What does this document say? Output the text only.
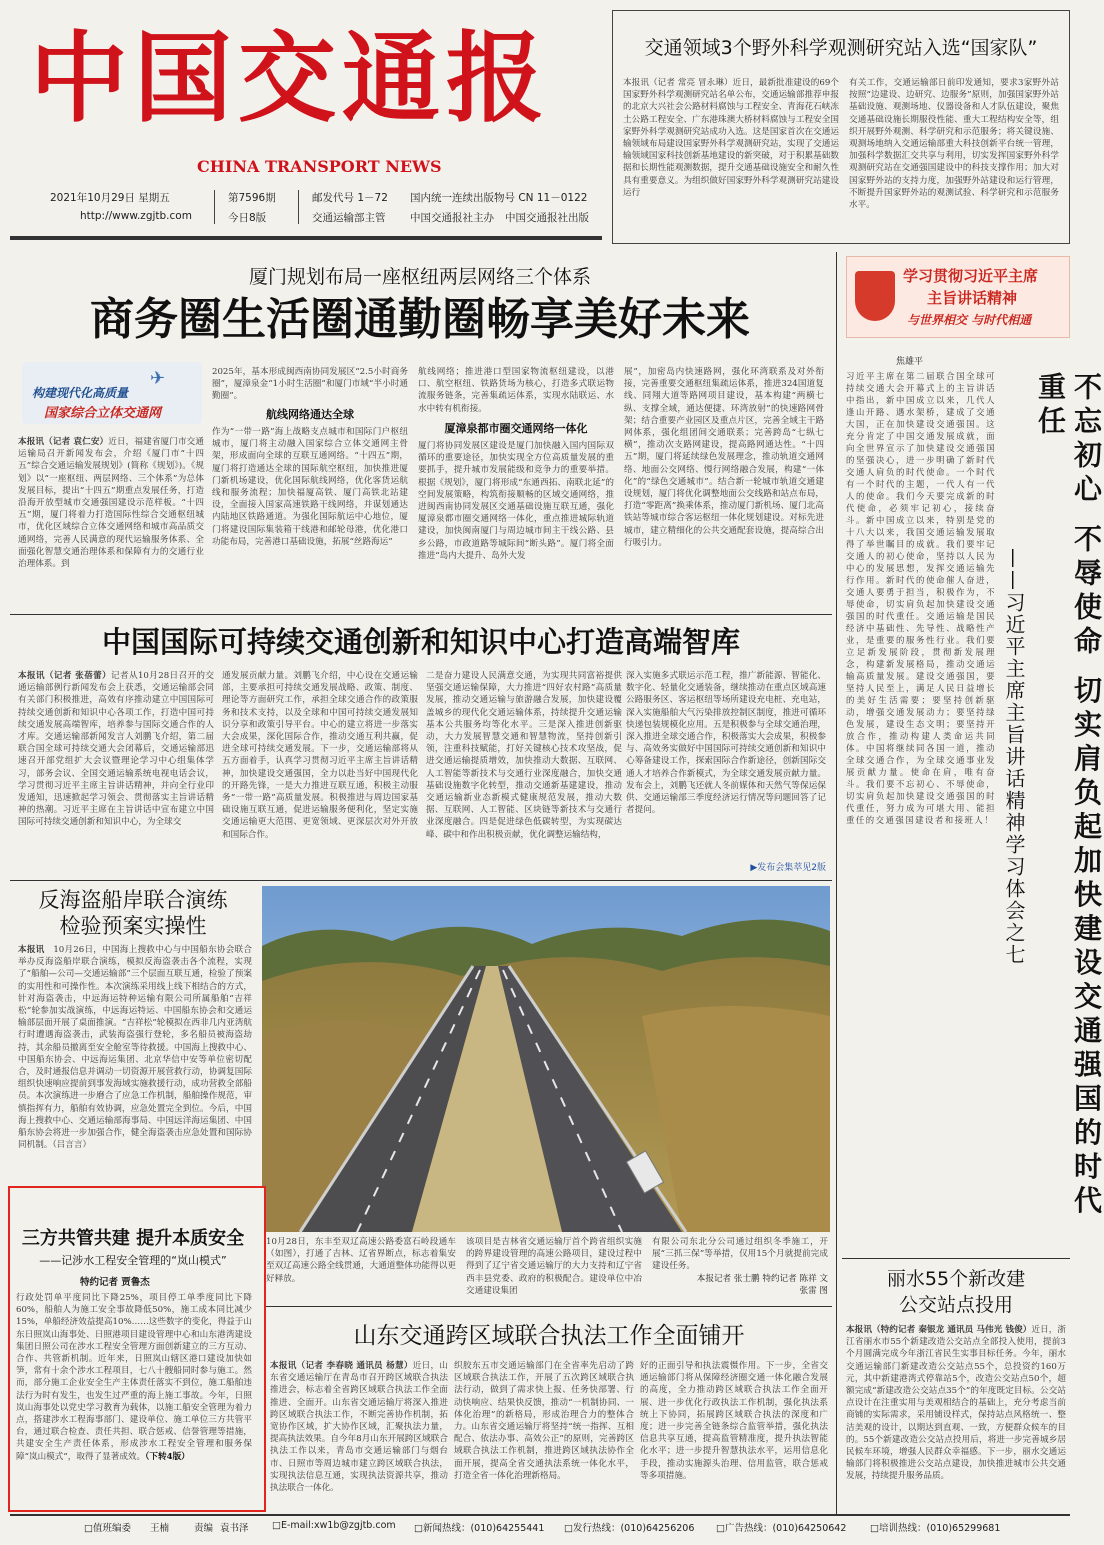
中国交通报
CHINA TRANSPORT NEWS
2021年10月29日 星期五
http://www.zgjtb.com
第7596期
今日8版
邮发代号 1－72 国内统一连续出版物号 CN 11－0122
交通运输部主管 中国交通报社主办 中国交通报社出版
交通领域3个野外科学观测研究站入选“国家队”
本报讯（记者 常亮 冒永琳）近日，最新批准建设的69个国家野外科学观测研究站名单公布，交通运输部推荐申报的北京大兴社会公路材料腐蚀与工程安全、青海花石峡冻土公路工程安全、广东港珠澳大桥材料腐蚀与工程安全国家野外科学观测研究站成功入选。这是国家首次在交通运输领域布局建设国家野外科学观测研究站，实现了交通运输领域国家科技创新基地建设的新突破，对于积累基础数据和长期性能观测数据，提升交通基础设施安全和耐久性具有重要意义。为组织做好国家野外科学观测研究站建设运行
有关工作，交通运输部日前印发通知，要求3家野外站按照“边建设、边研究、边服务”原则，加强国家野外站基础设施、观测场地、仪器设备和人才队伍建设，聚焦交通基础设施长期服役性能、重大工程结构安全等，组织开展野外观测、科学研究和示范服务；将关键设施、观测场地纳入交通运输部重大科技创新平台统一管理，加强科学数据汇交共享与利用，切实发挥国家野外科学观测研究站在交通强国建设中的科技支撑作用；加大对国家野外站的支持力度，加强野外站建设和运行管理，不断提升国家野外站的观测试验、科学研究和示范服务水平。
厦门规划布局一座枢纽两层网络三个体系
商务圈生活圈通勤圈畅享美好未来
✈
构建现代化高质量
国家综合立体交通网
本报讯（记者 袁仁安）近日，福建省厦门市交通运输局召开新闻发布会，介绍《厦门市“十四五”综合交通运输发展规划》(简称《规划》)。《规划》以“一座枢纽、两层网络、三个体系”为总体发展目标，提出“十四五”期重点发展任务，打造沿海开放型城市交通强国建设示范样板。“十四五”期，厦门将着力打造国际性综合交通枢纽城市，优化区域综合立体交通网络和城市高品质交通网络，完善人民满意的现代运输服务体系、全面强化智慧交通治理体系和保障有力的交通行业治理体系。到
2025年，基本形成闽西南协同发展区“2.5小时商务圈”，厦漳泉金“1小时生活圈”和厦门市域“半小时通勤圈”。
航线网络通达全球
作为“一带一路”海上战略支点城市和国际门户枢纽城市，厦门将主动融入国家综合立体交通网主骨架，形成面向全球的互联互通网络。“十四五”期，厦门将打造通达全球的国际航空枢纽，加快推进厦门新机场建设，优化国际航线网络，优化客货运航线和服务流程；加快福厦高铁、厦门高铁北站建设，全面接入国家高速铁路干线网络，并谋划通达内陆地区铁路通道。为强化国际航运中心地位，厦门将建设国际集装箱干线港和邮轮母港，优化港口功能布局，完善港口基础设施，拓展“丝路海运”
航线网络；推进港口型国家物流枢纽建设，以港口、航空枢纽、铁路货场为核心，打造多式联运物流服务链条，完善集疏运体系，实现水陆联运、水水中转有机衔接。
厦漳泉都市圈交通网络一体化
厦门将协同发展区建设是厦门加快融入国内国际双循环的重要途径，加快实现全方位高质量发展的重要抓手，提升城市发展能级和竞争力的重要举措。根据《规划》，厦门将形成“东通西拓、南联北延”的空间发展策略，构筑衔接顺畅的区域交通网络，推进闽西南协同发展区交通基础设施互联互通，强化厦漳泉都市圈交通网络一体化，重点推进城际轨道建设，加快闽南厦门与周边城市间主干线公路、县乡公路，市政道路等城际间“断头路”。厦门将全面推进“岛内大提升、岛外大发
展”，加密岛内快速路网，强化环湾联系及对外衔接，完善重要交通枢纽集疏运体系，推进324国道复线、同翔大道等路网项目建设，基本构建“两横七纵、支撑全域，通达便捷、环湾放射”的快速路网骨架；结合重要产业园区及重点片区，完善全域主干路网体系，强化组团间交通联系；完善跨岛“七纵七横”，推动次支路网建设，提高路网通达性。“十四五”期，厦门将延续绿色发展理念，推动轨道交通网络、地面公交网络、慢行网络融合发展，构建“一体化”的“绿色交通城市”。结合新一轮城市轨道交通建设规划，厦门将优化调整地面公交线路和站点布局，打造“零距离”换乘体系，推动厦门新机场、厦门北高铁站等城市综合客运枢纽一体化规划建设。对标先进城市，建立精细化的公共交通配套设施，提高综合出行吸引力。
中国国际可持续交通创新和知识中心打造高端智库
本报讯（记者 张蓓蕾）记者从10月28日召开的交通运输部例行新闻发布会上获悉，交通运输部会同有关部门积极推进，高效有序推动建立中国国际可持续交通创新和知识中心各项工作，打造中国可持续交通发展高端智库，培养参与国际交通合作的人才库。交通运输部新闻发言人刘鹏飞介绍，第二届联合国全球可持续交通大会闭幕后，交通运输部迅速召开部党组扩大会议暨理论学习中心组集体学习，部务会议、全国交通运输系统电视电话会议，学习贯彻习近平主席主旨讲话精神，并向全行业印发通知，迅速掀起学习领会、贯彻落实主旨讲话精神的热潮。习近平主席在主旨讲话中宣布建立中国国际可持续交通创新和知识中心，为全球交
通发展贡献力量。刘鹏飞介绍，中心设在交通运输部，主要承担可持续交通发展战略、政策、制度、理论等方面研究工作，承担全球交通合作的政策服务和技术支持，以及全球和中国可持续交通发展知识分享和政策引导平台。中心的建立将进一步落实大会成果，深化国际合作，推动交通互利共赢，促进全球可持续交通发展。下一步，交通运输部将从五方面着手，认真学习贯彻习近平主席主旨讲话精神，加快建设交通强国，全力以赴当好中国现代化的开路先锋，一是大力推进互联互通，积极主动服务“一带一路”高质量发展。积极推进与周边国家基础设施互联互通，促进运输服务便利化，坚定实施交通运输更大范围、更宽领域、更深层次对外开放和国际合作。
二是奋力建设人民满意交通，为实现共同富裕提供坚强交通运输保障，大力推进“四好农村路”高质量发展，推动交通运输与旅游融合发展，加快建设覆盖城乡的现代化交通运输体系，持续提升交通运输基本公共服务均等化水平。三是深入推进创新驱动，大力发展智慧交通和智慧物流，坚持创新引领，注重科技赋能，打好关键核心技术攻坚战，促进交通运输提质增效，加快推动大数据、互联网、人工智能等新技术与交通行业深度融合，加快交通基础设施数字化转型，推动交通新基建建设，推动交通运输新业态新模式健康规范发展，推动大数据、互联网、人工智能、区块链等新技术与交通行业深度融合。四是促进绿色低碳转型，为实现碳达峰、碳中和作出积极贡献，优化调整运输结构，
深入实施多式联运示范工程，推广新能源、智能化、数字化、轻量化交通装备，继续推动在重点区域高速公路服务区、客运枢纽等场所建设充电桩、充电站，深入实施船舶大气污染排放控制区制度，推进可循环快递包装规模化应用。五是积极参与全球交通治理，深入推进全球交通合作，积极落实大会成果，积极参与、高效务实做好中国国际可持续交通创新和知识中心筹备建设工作，探索国际合作新途径，创新国际交通人才培养合作新模式，为全球交通发展贡献力量。发布会上，刘鹏飞还就人冬前媒体和天然气等保运保供、交通运输部三季度经济运行情况等问题回答了记者提问。
▶发布会集萃见2版
反海盗船岸联合演练
检验预案实操性
本报讯　 10月26日，中国海上搜救中心与中国船东协会联合举办反海盗船岸联合演练，模拟反海盗袭击各个流程，实现了“船舶—公司—交通运输部”三个层面互联互通，检验了预案的实用性和可操作性。本次演练采用线上线下相结合的方式，针对海盗袭击，中远海运特种运输有限公司所属船舶“吉祥松”轮参加实战演练，中远海运特运、中国船东协会和交通运输部层面开展了桌面推演。“吉祥松”轮模拟在西非几内亚湾航行时遭遇海盗袭击，武装海盗强行登轮，多名船员被海盗劫持，其余船员撤离至安全舱室等待救援。中国海上搜救中心、中国船东协会、中远海运集团、北京华信中安等单位密切配合，及时通报信息并调动一切资源开展营救行动，协调复国际组织快速响应提前到事发海域实施救援行动，成功营救全部船员。本次演练进一步磨合了应急工作机制，船舶操作规范，审慎指挥有力，船舶有效协调，应急处置完全到位。今后，中国海上搜救中心、交通运输部海事局、中国远洋海运集团、中国船东协会将进一步加强合作，健全海盗袭击应急处置和国际协同机制。（吕言言）
10月28日，东丰至双辽高速公路委富石岭段通车（如图），打通了吉林、辽省界断点，标志着集安至双辽高速公路全线贯通，大通道整体功能得以更好释放。
该项目是吉林省交通运输厅首个跨省组织实施的跨界建设管理的高速公路项目，建设过程中得到了辽宁省交通运输厅的大力支持和辽宁省西丰县党委、政府的积极配合。建设单位中冶交通建设集团
有限公司东北分公司通过组织冬季施工，开展“三抓三保”等举措，仅用15个月就提前完成建设任务。
本报记者 张士鹏 特约记者 陈祥 文
张雷 图
三方共管共建 提升本质安全
——记涉水工程安全管理的“岚山模式”
特约记者 贾鲁杰
行政处罚单平度同比下降25%，项目停工单季度同比下降60%，船舶人为施工安全事故降低50%，施工成本同比减少15%，单船经济效益提高10%……这些数字的变化，得益于山东日照岚山海事处、日照港项目建设管理中心和山东港湾建设集团日照公司在涉水工程安全管理方面创新建立的三方互动、合作、共管新机制。近年来，日照岚山辖区港口建设加快如笋，常有十余个涉水工程项目，七八十艘船同时参与施工。然而，部分施工企业安全生产主体责任落实不到位，施工船舶违法行为时有发生，也发生过严重的海上施工事故。今年，日照岚山海事处以党史学习教育为载体，以施工船安全管理为着力点，搭建涉水工程海事部门、建设单位、施工单位三方共管平台，通过联合检查、责任共担、联合惩戒、信誉管理等措施，共建安全生产责任体系，形成涉水工程安全管理和服务保障“岚山模式”，取得了显著成效。（下转4版）
山东交通跨区域联合执法工作全面铺开
本报讯（记者 李春晓 通讯员 杨慧）近日，山东省交通运输厅在青岛市召开跨区域联合执法推进会，标志着全省跨区域联合执法工作全面推进、全面开。山东省交通运输厅将深入推进跨区域联合执法工作，不断完善协作机制，拓宽协作区域，扩大协作区域，汇聚执法力量，提高执法效果。自今年8月山东开展跨区域联合执法工作以来，青岛市交通运输部门与烟台市、日照市等周边城市建立跨区域联合执法，实现执法信息互通，实现执法资源共享，推动执法联合一体化。
织胶东五市交通运输部门在全省率先启动了跨区域联合执法工作，开展了五次跨区域联合执法行动，做到了需求快上报、任务快部署、行动快响应、结果快反馈，推动“一机制协同、一体化治理”的新格局，形成治理合力的整体合力。山东省交通运输厅将坚持“统一指挥、互相配合、依法办事、高效公正”的原则，完善跨区域联合执法工作机制，推进跨区域执法协作全面开展，提高全省交通执法系统一体化水平，打造全省一体化治理新格局。
好的正面引导和执法震慑作用。下一步，全省交通运输部门将从保障经济圈交通一体化融合发展的高度，全力推动跨区域联合执法工作全面开展、进一步优化行政执法工作机制，强化执法系统上下协同，拓展跨区域联合执法的深度和广度；进一步完善全链条综合监管举措，强化执法信息共享互通，提高监管精准度，提升执法智能化水平；进一步提升智慧执法水平，运用信息化手段，推动实施源头治理、信用监管，联合惩戒等多项措施。
学习贯彻习近平主席
主旨讲话精神
与世界相交 与时代相通
焦雄平
习近平主席在第二届联合国全球可持续交通大会开幕式上的主旨讲话中指出，新中国成立以来，几代人逢山开路、遇水架桥，建成了交通大国，正在加快建设交通强国。这充分肯定了中国交通发展成就，面向全世界宣示了加快建设交通强国的坚强决心，进一步明确了新时代交通人肩负的时代使命。一个时代有一个时代的主题，一代人有一代人的使命。我们今天要完成新的时代使命，必须牢记初心，接续奋斗。新中国成立以来，特别是党的十八大以来，我国交通运输发展取得了举世瞩目的成就。我们要牢记交通人的初心使命，坚持以人民为中心的发展思想，发挥交通运输先行作用。新时代的使命催人奋进，交通人要勇于担当，积极作为，不辱使命，切实肩负起加快建设交通强国的时代重任。交通运输是国民经济中基础性、先导性、战略性产业，是重要的服务性行业。我们要立足新发展阶段，贯彻新发展理念，构建新发展格局，推动交通运输高质量发展。建设交通强国，要坚持人民至上，满足人民日益增长的美好生活需要；要坚持创新驱动，增强交通发展动力；要坚持绿色发展，建设生态文明；要坚持开放合作，推动构建人类命运共同体。中国将继续同各国一道，推动全球交通合作，为全球交通事业发展贡献力量。使命在肩，唯有奋斗。我们要不忘初心、不辱使命，切实肩负起加快建设交通强国的时代重任，努力成为可堪大用、能担重任的交通强国建设者和接班人！	不忘初心 不辱使命 切实肩负起加快建设交通强国的时代重任
——习近平主席主旨讲话精神学习体会之七
丽水55个新改建
公交站点投用
本报讯（特约记者 秦银龙 通讯员 马伟光 钱俊）近日，浙江省丽水市55个新建改造公交站点全部投入使用，提前3个月圆满完成今年浙江省民生实事目标任务。今年，丽水交通运输部门新建改造公交站点55个，总投资约160万元，其中新建港湾式停靠站5个，改造公交站点50个，超额完成“新建改造公交站点35个”的年度既定目标。公交站点设计在注重实用与美观相结合的基础上，充分考虑当前商铺的实际需求，采用铺设样式，保持站点风格统一、整洁美观的设计，以期达到直观、一致，方便群众候车的目的。55个新建改造公交站点投用后，将进一步完善城乡居民候车环境，增强人民群众幸福感。下一步，丽水交通运输部门将积极推进公交站点建设，加快推进城市公共交通发展，持续提升服务品质。
□值班编委 王楠	责编 袁书泽 □E-mail:xw1b@zgjtb.com □新闻热线：(010)64255441 □发行热线：(010)64256206 □广告热线：(010)64250642 □培训热线：(010)65299681
